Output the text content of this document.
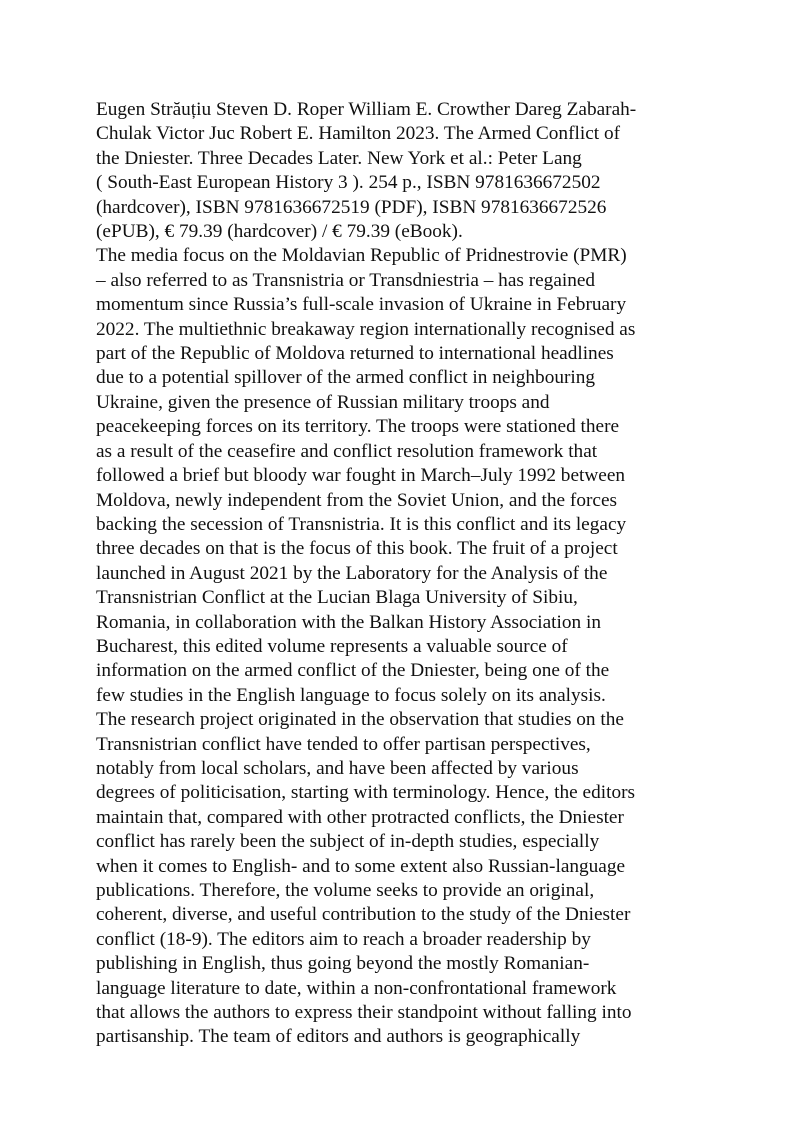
Eugen Străuțiu Steven D. Roper William E. Crowther Dareg Zabarah-
Chulak Victor Juc Robert E. Hamilton 2023. The Armed Conflict of
the Dniester. Three Decades Later. New York et al.: Peter Lang
( South-East European History 3 ). 254 p., ISBN 9781636672502
(hardcover), ISBN 9781636672519 (PDF), ISBN 9781636672526
(ePUB), € 79.39 (hardcover) / € 79.39 (eBook).
The media focus on the Moldavian Republic of Pridnestrovie (PMR)
– also referred to as Transnistria or Transdniestria – has regained
momentum since Russia’s full-scale invasion of Ukraine in February
2022. The multiethnic breakaway region internationally recognised as
part of the Republic of Moldova returned to international headlines
due to a potential spillover of the armed conflict in neighbouring
Ukraine, given the presence of Russian military troops and
peacekeeping forces on its territory. The troops were stationed there
as a result of the ceasefire and conflict resolution framework that
followed a brief but bloody war fought in March–July 1992 between
Moldova, newly independent from the Soviet Union, and the forces
backing the secession of Transnistria. It is this conflict and its legacy
three decades on that is the focus of this book. The fruit of a project
launched in August 2021 by the Laboratory for the Analysis of the
Transnistrian Conflict at the Lucian Blaga University of Sibiu,
Romania, in collaboration with the Balkan History Association in
Bucharest, this edited volume represents a valuable source of
information on the armed conflict of the Dniester, being one of the
few studies in the English language to focus solely on its analysis.
The research project originated in the observation that studies on the
Transnistrian conflict have tended to offer partisan perspectives,
notably from local scholars, and have been affected by various
degrees of politicisation, starting with terminology. Hence, the editors
maintain that, compared with other protracted conflicts, the Dniester
conflict has rarely been the subject of in-depth studies, especially
when it comes to English- and to some extent also Russian-language
publications. Therefore, the volume seeks to provide an original,
coherent, diverse, and useful contribution to the study of the Dniester
conflict (18-9). The editors aim to reach a broader readership by
publishing in English, thus going beyond the mostly Romanian-
language literature to date, within a non-confrontational framework
that allows the authors to express their standpoint without falling into
partisanship. The team of editors and authors is geographically
